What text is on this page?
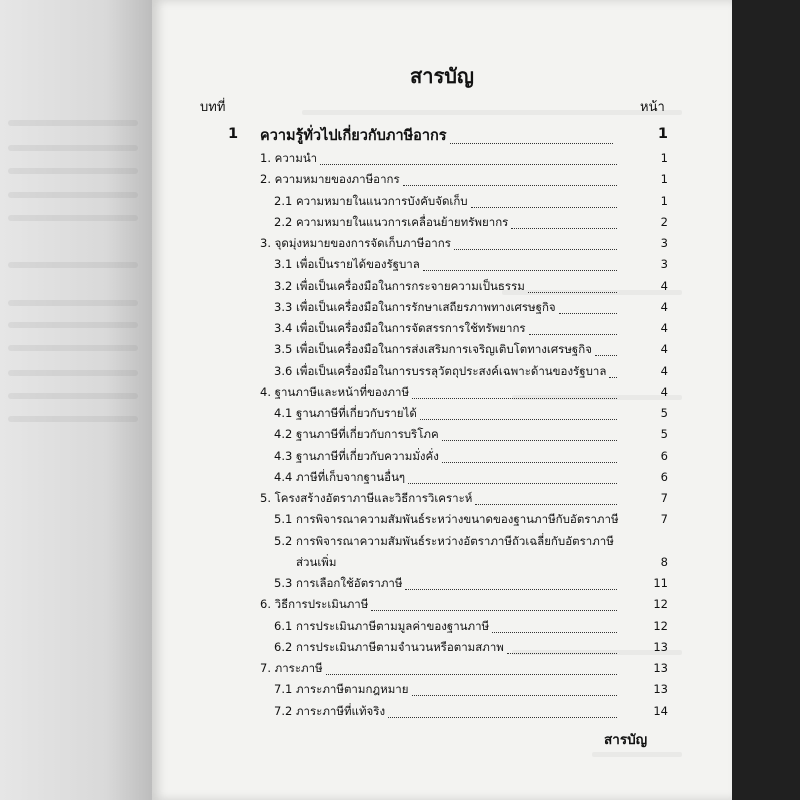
สารบัญ
บทที่	หน้า
1 ความรู้ทั่วไปเกี่ยวกับภาษีอากร	1
1. ความนำ	1
2. ความหมายของภาษีอากร	1
2.1 ความหมายในแนวการบังคับจัดเก็บ	1
2.2 ความหมายในแนวการเคลื่อนย้ายทรัพยากร	2
3. จุดมุ่งหมายของการจัดเก็บภาษีอากร	3
3.1 เพื่อเป็นรายได้ของรัฐบาล	3
3.2 เพื่อเป็นเครื่องมือในการกระจายความเป็นธรรม	4
3.3 เพื่อเป็นเครื่องมือในการรักษาเสถียรภาพทางเศรษฐกิจ	4
3.4 เพื่อเป็นเครื่องมือในการจัดสรรการใช้ทรัพยากร	4
3.5 เพื่อเป็นเครื่องมือในการส่งเสริมการเจริญเติบโตทางเศรษฐกิจ	4
3.6 เพื่อเป็นเครื่องมือในการบรรลุวัตถุประสงค์เฉพาะด้านของรัฐบาล	4
4. ฐานภาษีและหน้าที่ของภาษี	4
4.1 ฐานภาษีที่เกี่ยวกับรายได้	5
4.2 ฐานภาษีที่เกี่ยวกับการบริโภค	5
4.3 ฐานภาษีที่เกี่ยวกับความมั่งคั่ง	6
4.4 ภาษีที่เก็บจากฐานอื่นๆ	6
5. โครงสร้างอัตราภาษีและวิธีการวิเคราะห์	7
5.1 การพิจารณาความสัมพันธ์ระหว่างขนาดของฐานภาษีกับอัตราภาษี	7
5.2 การพิจารณาความสัมพันธ์ระหว่างอัตราภาษีถัวเฉลี่ยกับอัตราภาษี
ส่วนเพิ่ม	8
5.3 การเลือกใช้อัตราภาษี	11
6. วิธีการประเมินภาษี	12
6.1 การประเมินภาษีตามมูลค่าของฐานภาษี	12
6.2 การประเมินภาษีตามจำนวนหรือตามสภาพ	13
7. ภาระภาษี	13
7.1 ภาระภาษีตามกฎหมาย	13
7.2 ภาระภาษีที่แท้จริง	14
สารบัญ
